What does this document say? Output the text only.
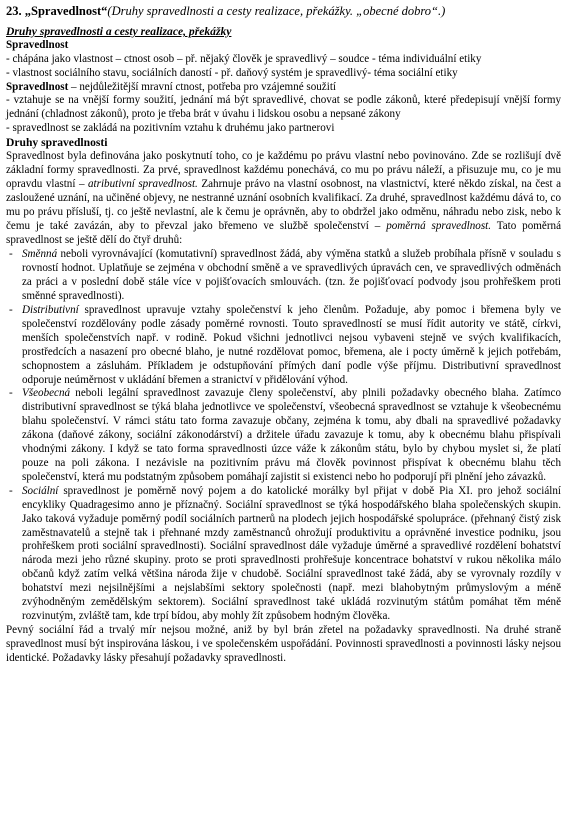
23. „Spravedlnost“(Druhy spravedlnosti a cesty realizace, překážky. „obecné dobro“.)

Druhy spravedlnosti a cesty realizace, překážky

Spravedlnost

- chápána jako vlastnost – ctnost osob – př. nějaký člověk je spravedlivý – soudce - téma individuální etiky

- vlastnost sociálního stavu, sociálních daností - př. daňový systém je spravedlivý- téma sociální etiky

Spravedlnost – nejdůležitější mravní ctnost, potřeba pro vzájemné soužití

- vztahuje se na vnější formy soužití, jednání má být spravedlivé, chovat se podle zákonů, které předepisují vnější formy jednání (chladnost zákonů), proto je třeba brát v úvahu i lidskou osobu a nepsané zákony

- spravedlnost se zakládá na pozitivním vztahu k druhému jako partnerovi

Druhy spravedlnosti

Spravedlnost byla definována jako poskytnutí toho, co je každému po právu vlastní nebo povinováno. Zde se rozlišují dvě základní formy spravedlnosti. Za prvé, spravedlnost každému ponechává, co mu po právu náleží, a přisuzuje mu, co je mu opravdu vlastní – atributivní spravedlnost. Zahrnuje právo na vlastní osobnost, na vlastnictví, které někdo získal, na čest a zasloužené uznání, na učiněné objevy, ne nestranné uznání osobních kvalifikací. Za druhé, spravedlnost každému dává to, co mu po právu přísluší, tj. co ještě nevlastní, ale k čemu je oprávněn, aby to obdržel jako odměnu, náhradu nebo zisk, nebo k čemu je také zavázán, aby to převzal jako břemeno ve službě společenství – poměrná spravedlnost. Tato poměrná spravedlnost se ještě dělí do čtyř druhů:

- Směnná neboli vyrovnávající (komutativní) spravedlnost žádá, aby výměna statků a služeb probíhala přísně v souladu s rovností hodnot. Uplatňuje se zejména v obchodní směně a ve spravedlivých úpravách cen, ve spravedlivých odměnách za práci a v poslední době stále více v pojišťovacích smlouvách. (tzn. že pojišťovací podvody jsou prohřeškem proti směnné spravedlnosti).
- Distributivní spravedlnost upravuje vztahy společenství k jeho členům. Požaduje, aby pomoc i břemena byly ve společenství rozdělovány podle zásady poměrné rovnosti. Touto spravedlností se musí řídit autority ve státě, církvi, menších společenstvích např. v rodině. Pokud všichni jednotlivci nejsou vybaveni stejně ve svých kvalifikacích, prostředcích a nasazení pro obecné blaho, je nutné rozdělovat pomoc, břemena, ale i pocty úměrně k jejich potřebám, schopnostem a zásluhám. Příkladem je odstupňování přímých daní podle výše příjmu. Distributivní spravedlnost odporuje neúměrnost v ukládání břemen a stranictví v přidělování výhod.
- Všeobecná neboli legální spravedlnost zavazuje členy společenství, aby plnili požadavky obecného blaha. Zatímco distributivní spravedlnost se týká blaha jednotlivce ve společenství, všeobecná spravedlnost se vztahuje k všeobecnému blahu společenství. V rámci státu tato forma zavazuje občany, zejména k tomu, aby dbali na spravedlivé požadavky zákona (daňové zákony, sociální zákonodárství) a držitele úřadu zavazuje k tomu, aby k obecnému blahu přispívali vhodnými zákony. I když se tato forma spravedlnosti úzce váže k zákonům státu, bylo by chybou myslet si, že platí pouze na poli zákona. I nezávisle na pozitivním právu má člověk povinnost přispívat k obecnému blahu těch společenství, která mu podstatným způsobem pomáhají zajistit si existenci nebo ho podporují při plnění jeho závazků.
- Sociální spravedlnost je poměrně nový pojem a do katolické morálky byl přijat v době Pia XI. pro jehož sociální encykliky Quadragesimo anno je příznačný. Sociální spravedlnost se týká hospodářského blaha společenských skupin. Jako taková vyžaduje poměrný podíl sociálních partnerů na plodech jejich hospodářské spolupráce. (přehnaný čistý zisk zaměstnavatelů a stejně tak i přehnané mzdy zaměstnanců ohrožují produktivitu a oprávněné investice podniku, jsou prohřeškem proti sociální spravedlnosti). Sociální spravedlnost dále vyžaduje úměrné a spravedlivé rozdělení bohatství národa mezi jeho různé skupiny. proto se proti spravedlnosti prohřešuje koncentrace bohatství v rukou několika málo občanů když zatím velká většina národa žije v chudobě. Sociální spravedlnost také žádá, aby se vyrovnaly rozdíly v bohatství mezi nejsilnějšími a nejslabšími sektory společnosti (např. mezi blahobytným průmyslovým a méně zvýhodněným zemědělským sektorem). Sociální spravedlnost také ukládá rozvinutým státům pomáhat těm méně rozvinutým, zvláště tam, kde trpí bídou, aby mohly žít způsobem hodným člověka.

Pevný sociální řád a trvalý mír nejsou možné, aniž by byl brán zřetel na požadavky spravedlnosti. Na druhé straně spravedlnost musí být inspirována láskou, i ve společenském uspořádání. Povinnosti spravedlnosti a povinnosti lásky nejsou identické. Požadavky lásky přesahují požadavky spravedlnosti.
